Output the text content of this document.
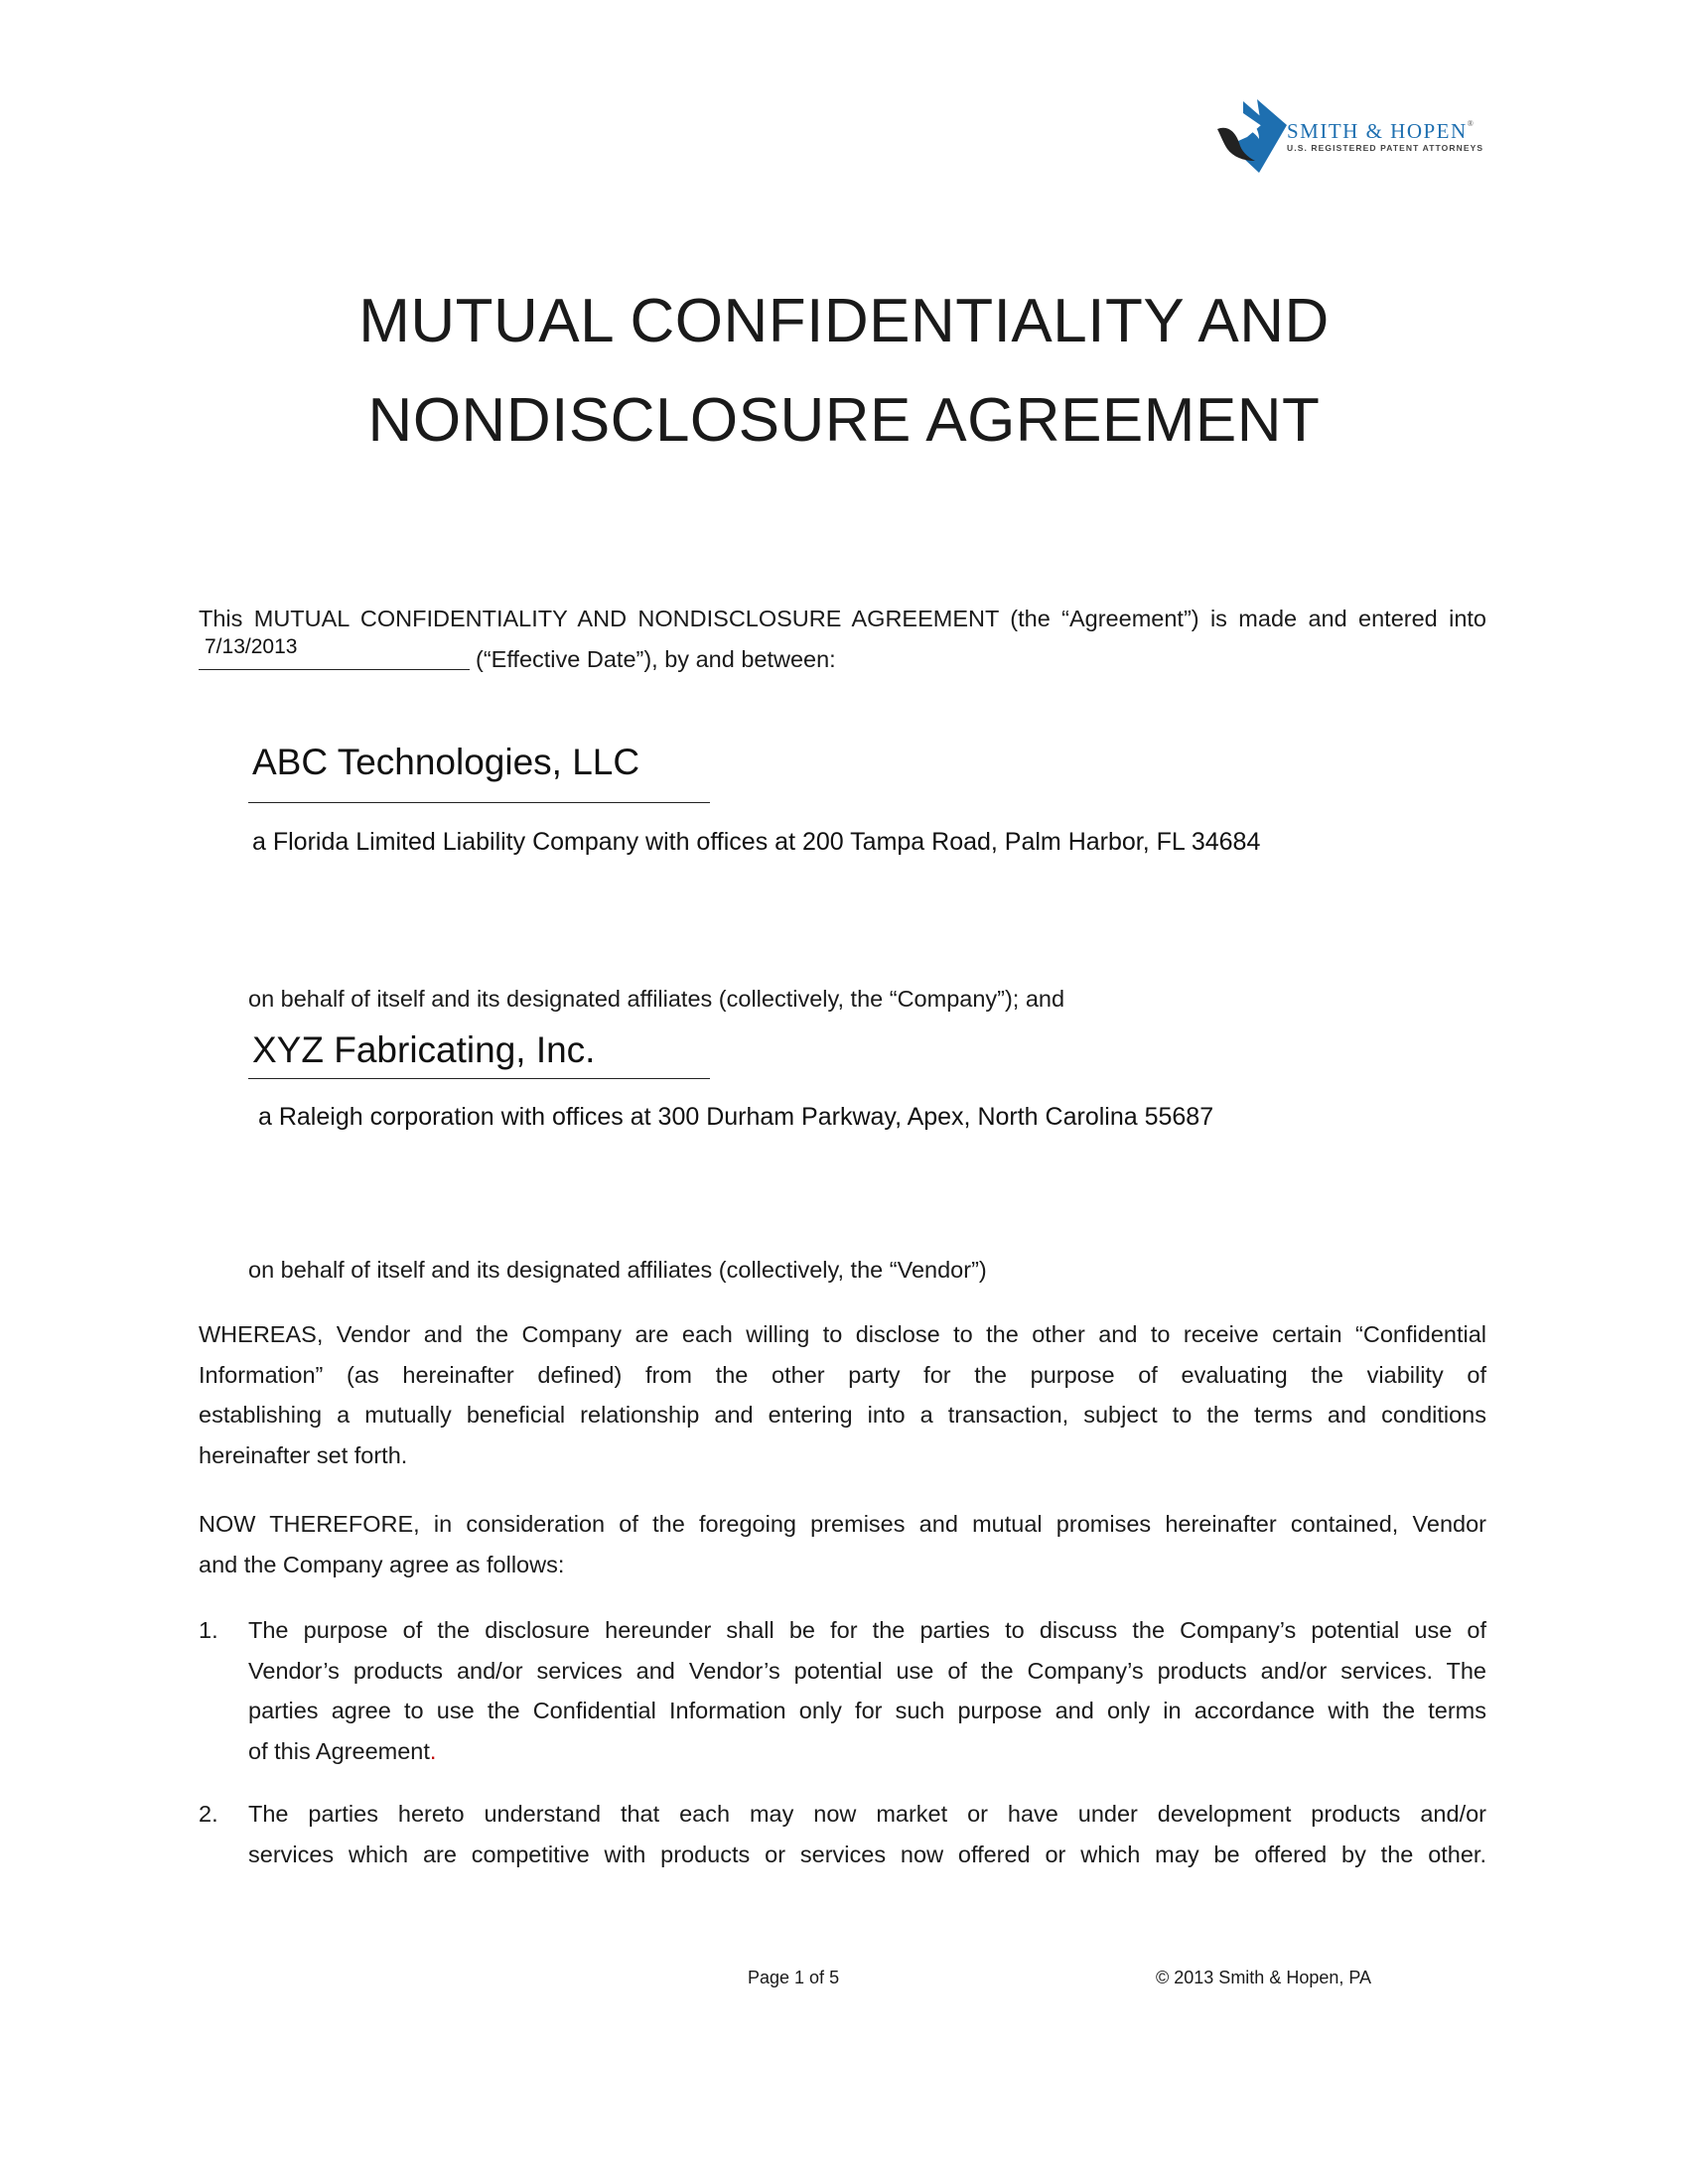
SMITH & HOPEN®
U.S. REGISTERED PATENT ATTORNEYS
MUTUAL CONFIDENTIALITY AND
NONDISCLOSURE AGREEMENT
This MUTUAL CONFIDENTIALITY AND NONDISCLOSURE AGREEMENT (the “Agreement”) is made and entered into
7/13/2013	(“Effective Date”), by and between:
ABC Technologies, LLC
a Florida Limited Liability Company with offices at 200 Tampa Road, Palm Harbor, FL 34684
on behalf of itself and its designated affiliates (collectively, the “Company”); and
XYZ Fabricating, Inc.
a Raleigh corporation with offices at 300 Durham Parkway, Apex, North Carolina 55687
on behalf of itself and its designated affiliates (collectively, the “Vendor”)
WHEREAS, Vendor and the Company are each willing to disclose to the other and to receive certain “Confidential
Information” (as hereinafter defined) from the other party for the purpose of evaluating the viability of
establishing a mutually beneficial relationship and entering into a transaction, subject to the terms and conditions
hereinafter set forth.
NOW THEREFORE, in consideration of the foregoing premises and mutual promises hereinafter contained, Vendor
and the Company agree as follows:
1. The purpose of the disclosure hereunder shall be for the parties to discuss the Company’s potential use of
Vendor’s products and/or services and Vendor’s potential use of the Company’s products and/or services. The
parties agree to use the Confidential Information only for such purpose and only in accordance with the terms
of this Agreement.
2. The parties hereto understand that each may now market or have under development products and/or
services which are competitive with products or services now offered or which may be offered by the other.
Page 1 of 5	© 2013 Smith & Hopen, PA
